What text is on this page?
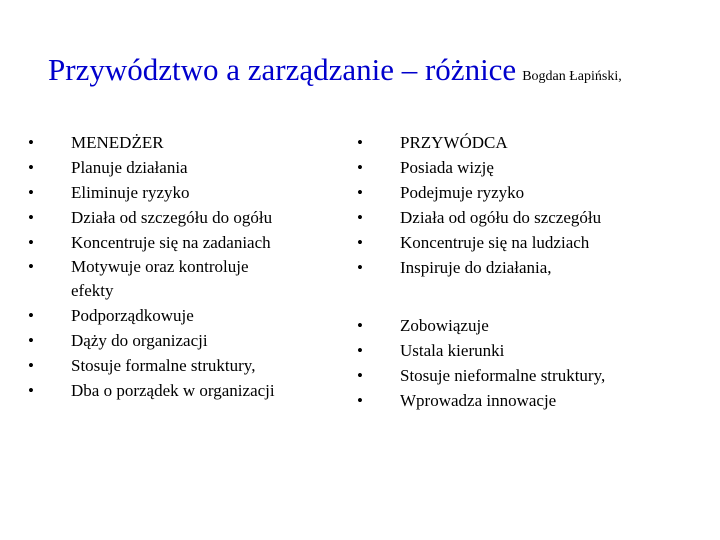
Przywództwo a zarządzanie – różnice Bogdan Łapiński,
•
MENEDŻER
•
Planuje działania
•
Eliminuje ryzyko
•
Działa od szczegółu do ogółu
•
Koncentruje się na zadaniach
•
Motywuje oraz kontroluje efekty
•
Podporządkowuje
•
Dąży do organizacji
•
Stosuje formalne struktury,
•
Dba o porządek w organizacji
•
PRZYWÓDCA
•
Posiada wizję
•
Podejmuje ryzyko
•
Działa od ogółu do szczegółu
•
Koncentruje się na ludziach
•
Inspiruje do działania,
•
Zobowiązuje
•
Ustala kierunki
•
Stosuje nieformalne struktury,
•
Wprowadza innowacje
